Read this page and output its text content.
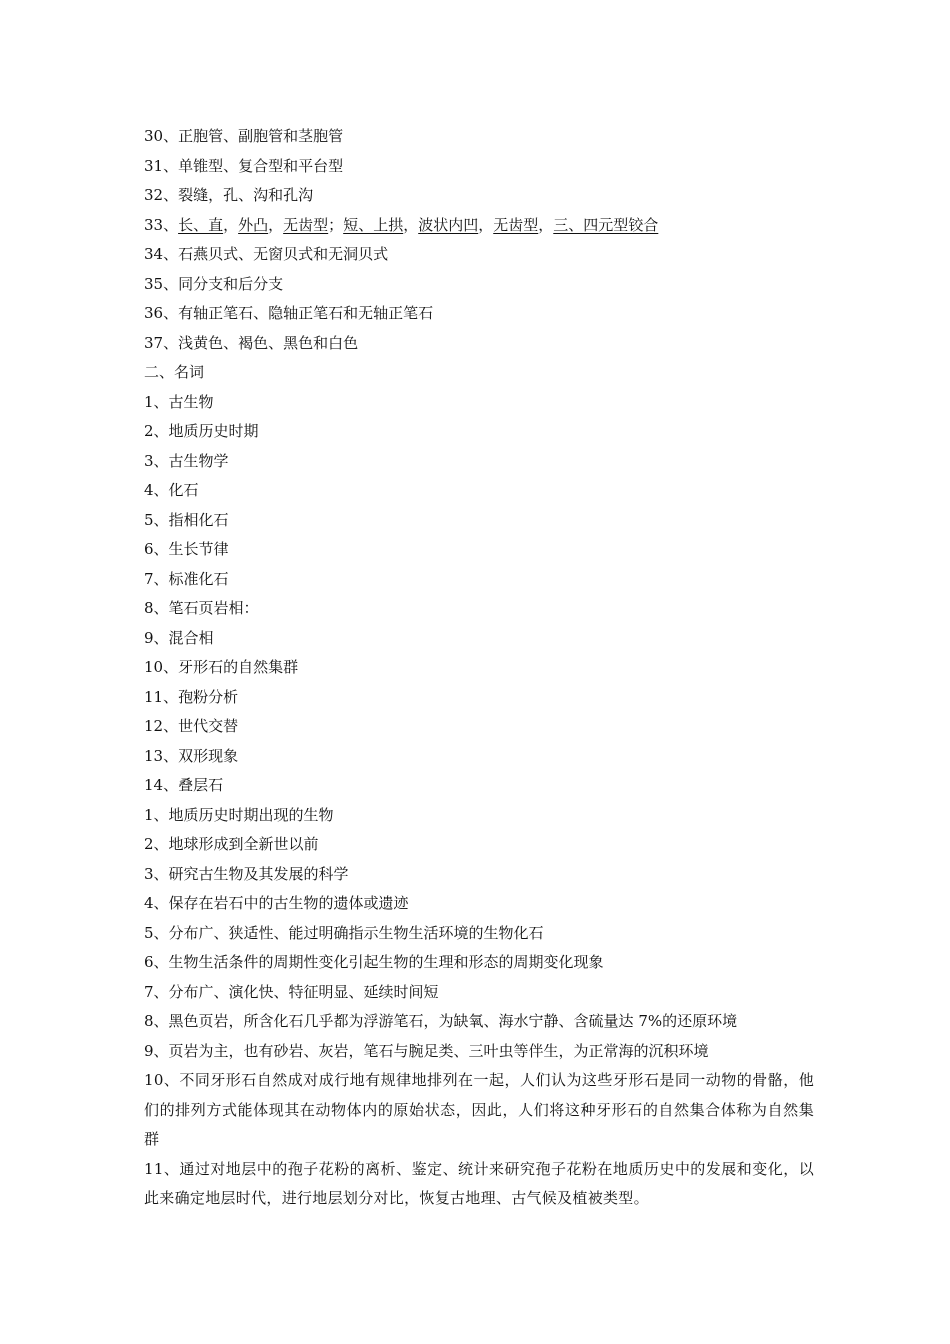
30、正胞管、副胞管和茎胞管
31、单锥型、复合型和平台型
32、裂缝，孔、沟和孔沟
33、长、直，外凸，无齿型；短、上拱，波状内凹，无齿型，三、四元型铰合
34、石燕贝式、无窗贝式和无洞贝式
35、同分支和后分支
36、有轴正笔石、隐轴正笔石和无轴正笔石
37、浅黄色、褐色、黑色和白色
二、名词
1、古生物
2、地质历史时期
3、古生物学
4、化石
5、指相化石
6、生长节律
7、标准化石
8、笔石页岩相：
9、混合相
10、牙形石的自然集群
11、孢粉分析
12、世代交替
13、双形现象
14、叠层石
1、地质历史时期出现的生物
2、地球形成到全新世以前
3、研究古生物及其发展的科学
4、保存在岩石中的古生物的遗体或遗迹
5、分布广、狭适性、能过明确指示生物生活环境的生物化石
6、生物生活条件的周期性变化引起生物的生理和形态的周期变化现象
7、分布广、演化快、特征明显、延续时间短
8、黑色页岩，所含化石几乎都为浮游笔石，为缺氧、海水宁静、含硫量达 7%的还原环境
9、页岩为主，也有砂岩、灰岩，笔石与腕足类、三叶虫等伴生，为正常海的沉积环境
10、不同牙形石自然成对成行地有规律地排列在一起，人们认为这些牙形石是同一动物的骨骼，他们的排列方式能体现其在动物体内的原始状态，因此，人们将这种牙形石的自然集合体称为自然集群
11、通过对地层中的孢子花粉的离析、鉴定、统计来研究孢子花粉在地质历史中的发展和变化，以此来确定地层时代，进行地层划分对比，恢复古地理、古气候及植被类型。
